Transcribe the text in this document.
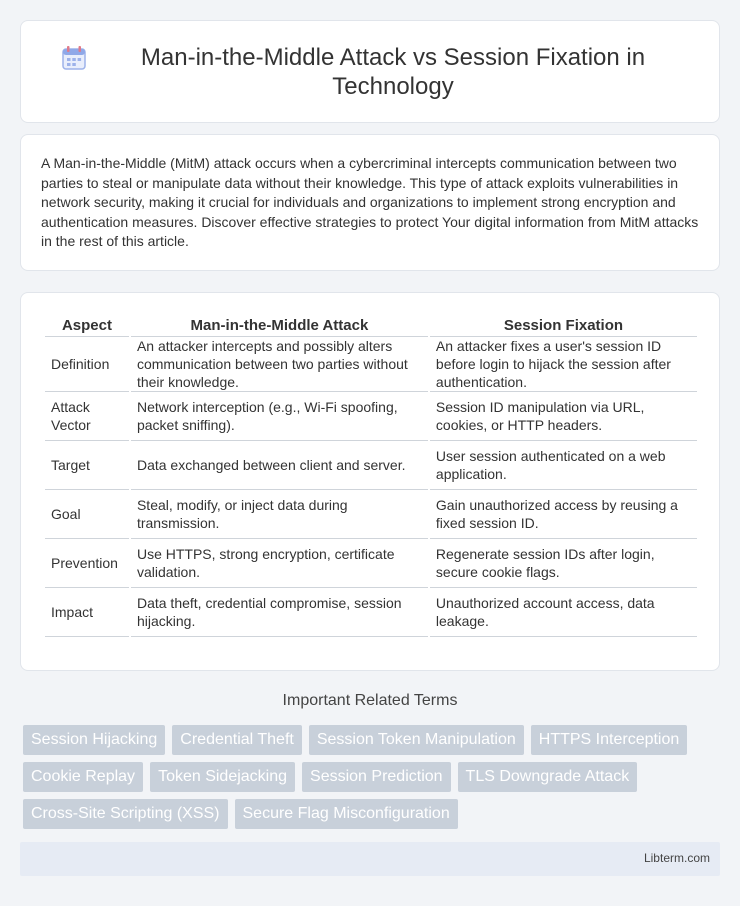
Man-in-the-Middle Attack vs Session Fixation in Technology

A Man-in-the-Middle (MitM) attack occurs when a cybercriminal intercepts communication between two parties to steal or manipulate data without their knowledge. This type of attack exploits vulnerabilities in network security, making it crucial for individuals and organizations to implement strong encryption and authentication measures. Discover effective strategies to protect Your digital information from MitM attacks in the rest of this article.

Aspect	Man-in-the-Middle Attack	Session Fixation
Definition	An attacker intercepts and possibly alters communication between two parties without their knowledge.	An attacker fixes a user's session ID before login to hijack the session after authentication.
Attack Vector	Network interception (e.g., Wi-Fi spoofing, packet sniffing).	Session ID manipulation via URL, cookies, or HTTP headers.
Target	Data exchanged between client and server.	User session authenticated on a web application.
Goal	Steal, modify, or inject data during transmission.	Gain unauthorized access by reusing a fixed session ID.
Prevention	Use HTTPS, strong encryption, certificate validation.	Regenerate session IDs after login, secure cookie flags.
Impact	Data theft, credential compromise, session hijacking.	Unauthorized account access, data leakage.
Important Related Terms
Session Hijacking	Credential Theft	Session Token Manipulation	HTTPS Interception
Cookie Replay	Token Sidejacking	Session Prediction	TLS Downgrade Attack
Cross-Site Scripting (XSS)	Secure Flag Misconfiguration
Libterm.com
